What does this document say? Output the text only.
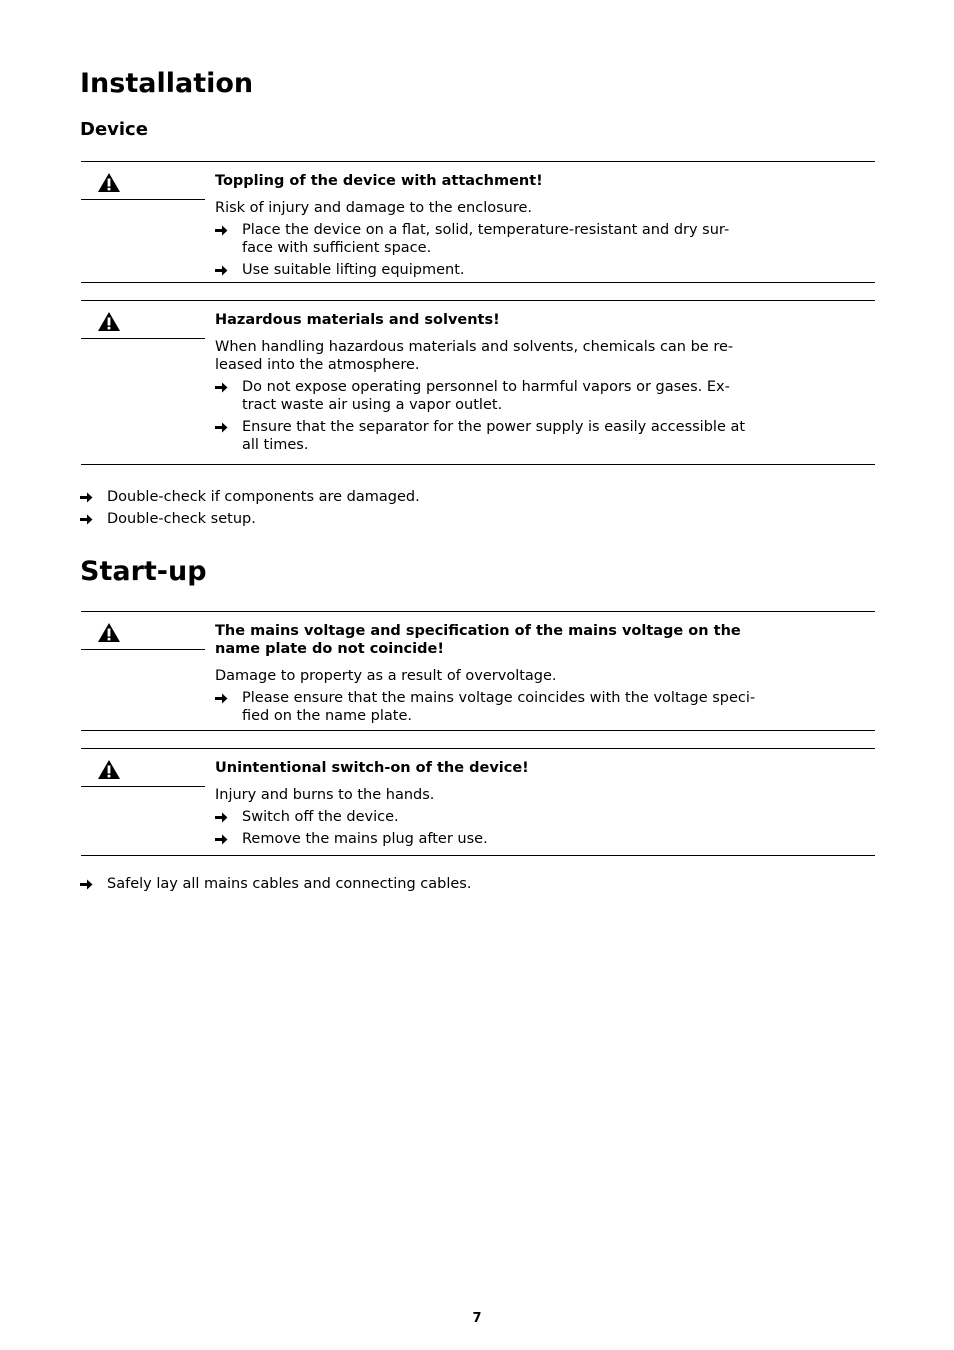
Installation
Device

Toppling of the device with attachment!

Risk of injury and damage to the enclosure.

Place the device on a flat, solid, temperature-resistant and dry sur-
face with sufficient space.
Use suitable lifting equipment.

Hazardous materials and solvents!

When handling hazardous materials and solvents, chemicals can be re-
leased into the atmosphere.

Do not expose operating personnel to harmful vapors or gases. Ex-
tract waste air using a vapor outlet.
Ensure that the separator for the power supply is easily accessible at
all times.
Double-check if components are damaged.
Double-check setup.
Start-up

The mains voltage and specification of the mains voltage on the
name plate do not coincide!

Damage to property as a result of overvoltage.

Please ensure that the mains voltage coincides with the voltage speci-
fied on the name plate.

Unintentional switch-on of the device!

Injury and burns to the hands.

Switch off the device.
Remove the mains plug after use.
Safely lay all mains cables and connecting cables.
7
